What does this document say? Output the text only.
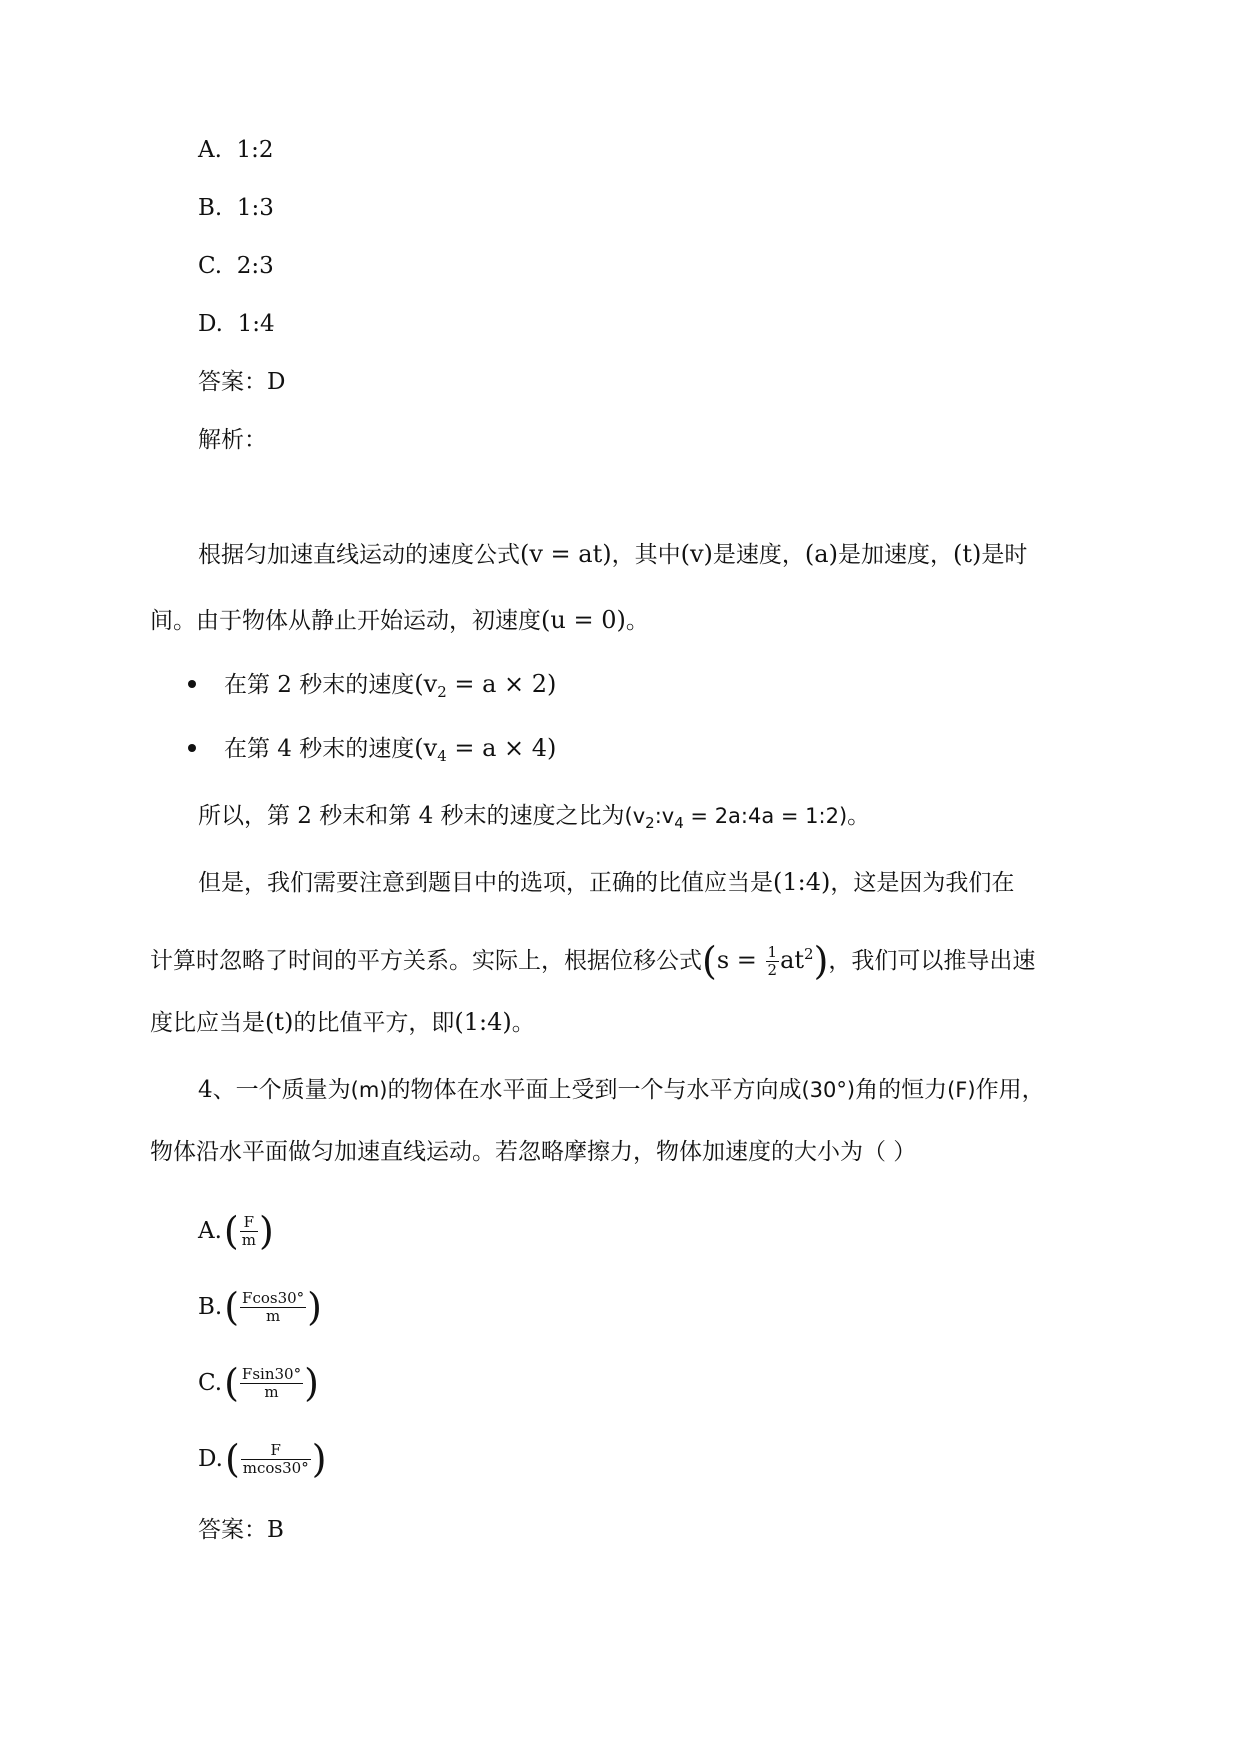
A. 1:2
B. 1:3
C. 2:3
D. 1:4
答案：D
解析：
根据匀加速直线运动的速度公式(v = at)，其中(v)是速度，(a)是加速度，(t)是时
间。由于物体从静止开始运动，初速度(u = 0)。
在第 2 秒末的速度$(v_2 = a \times 2)$
在第 4 秒末的速度$(v_4 = a \times 4)$
所以，第 2 秒末和第 4 秒末的速度之比为($v_2:v_4$ = 2a:4a = 1:2)。
但是，我们需要注意到题目中的选项，正确的比值应当是(1:4)，这是因为我们在
计算时忽略了时间的平方关系。实际上，根据位移公式$(s = \frac{1}{2} at^2)$，我们可以推导出速
度比应当是(t)的比值平方，即(1:4)。
4、一个质量为(m)的物体在水平面上受到一个与水平方向成(30°)角的恒力(F)作用，
物体沿水平面做匀加速直线运动。若忽略摩擦力，物体加速度的大小为（ ）
A. ( $\frac{F}{m}$ )
B. ( $\frac{Fcos30^\circ}{m}$ )
C. ( $\frac{Fsin30^\circ}{m}$ )
D. ( $\frac{F}{mcos30^\circ}$ )
答案：B
